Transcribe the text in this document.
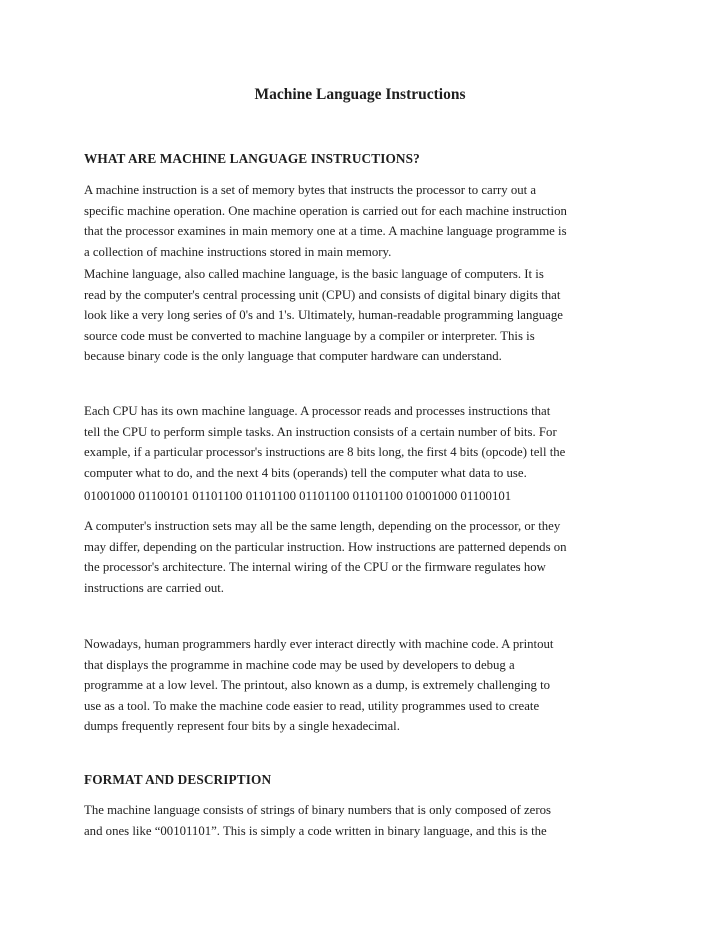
Machine Language Instructions
WHAT ARE MACHINE LANGUAGE INSTRUCTIONS?

A machine instruction is a set of memory bytes that instructs the processor to carry out a
specific machine operation. One machine operation is carried out for each machine instruction
that the processor examines in main memory one at a time. A machine language programme is
a collection of machine instructions stored in main memory.

Machine language, also called machine language, is the basic language of computers. It is
read by the computer's central processing unit (CPU) and consists of digital binary digits that
look like a very long series of 0's and 1's. Ultimately, human-readable programming language
source code must be converted to machine language by a compiler or interpreter. This is
because binary code is the only language that computer hardware can understand.

Each CPU has its own machine language. A processor reads and processes instructions that
tell the CPU to perform simple tasks. An instruction consists of a certain number of bits. For
example, if a particular processor's instructions are 8 bits long, the first 4 bits (opcode) tell the
computer what to do, and the next 4 bits (operands) tell the computer what data to use.

01001000 01100101 01101100 01101100 01101100 01101100 01001000 01100101

A computer's instruction sets may all be the same length, depending on the processor, or they
may differ, depending on the particular instruction. How instructions are patterned depends on
the processor's architecture. The internal wiring of the CPU or the firmware regulates how
instructions are carried out.

Nowadays, human programmers hardly ever interact directly with machine code. A printout
that displays the programme in machine code may be used by developers to debug a
programme at a low level. The printout, also known as a dump, is extremely challenging to
use as a tool. To make the machine code easier to read, utility programmes used to create
dumps frequently represent four bits by a single hexadecimal.

FORMAT AND DESCRIPTION

The machine language consists of strings of binary numbers that is only composed of zeros
and ones like “00101101”. This is simply a code written in binary language, and this is the
